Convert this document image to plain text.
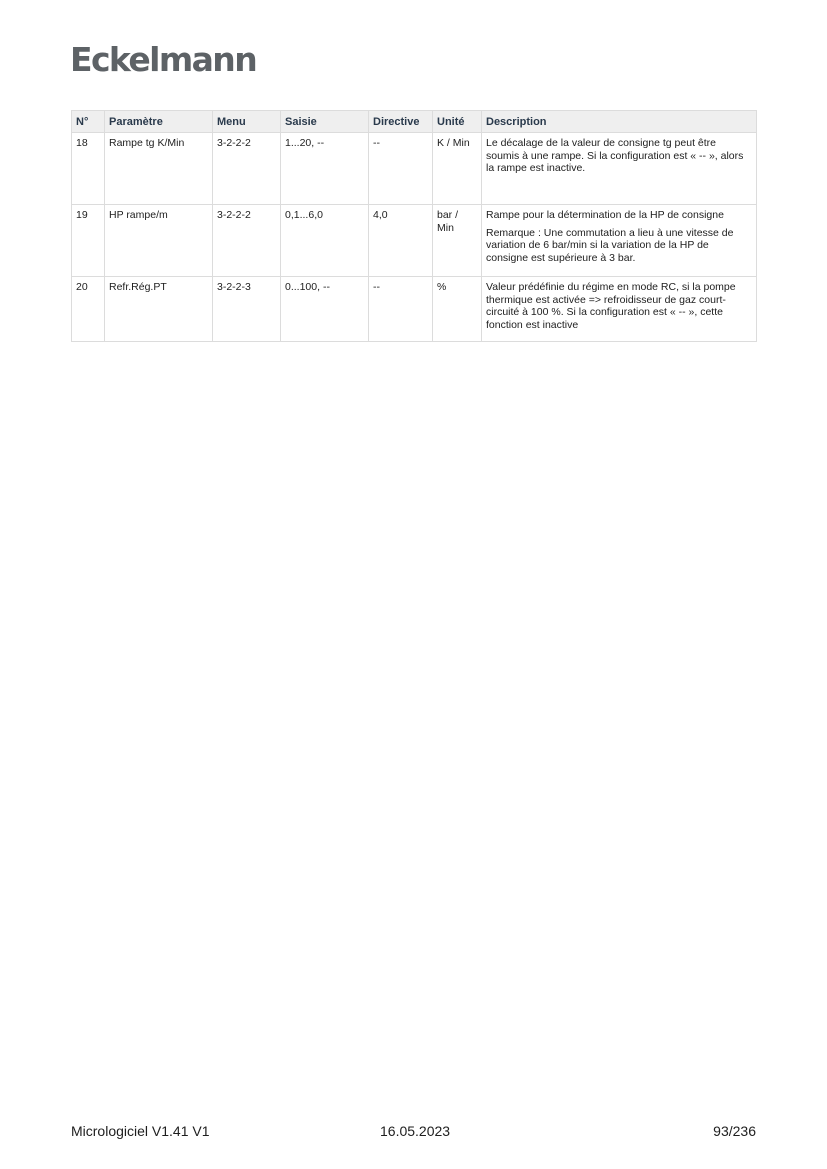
Eckelmann
N°	Paramètre	Menu	Saisie	Directive	Unité	Description
18	Rampe tg K/Min	3-2-2-2	1...20, --	--	K / Min	Le décalage de la valeur de consigne tg peut être soumis à une rampe. Si la configuration est « -- », alors la rampe est inactive.

19	HP rampe/m	3-2-2-2	0,1...6,0	4,0	bar / Min	Rampe pour la détermination de la HP de consigne

Remarque : Une commutation a lieu à une vitesse de variation de 6 bar/min si la variation de la HP de consigne est supérieure à 3 bar.

20	Refr.Rég.PT	3-2-2-3	0...100, --	--	%	Valeur prédéfinie du régime en mode RC, si la pompe thermique est activée => refroidisseur de gaz court-circuité à 100 %. Si la configuration est « -- », cette fonction est inactive

Micrologiciel V1.41 V1	16.05.2023	93/236
